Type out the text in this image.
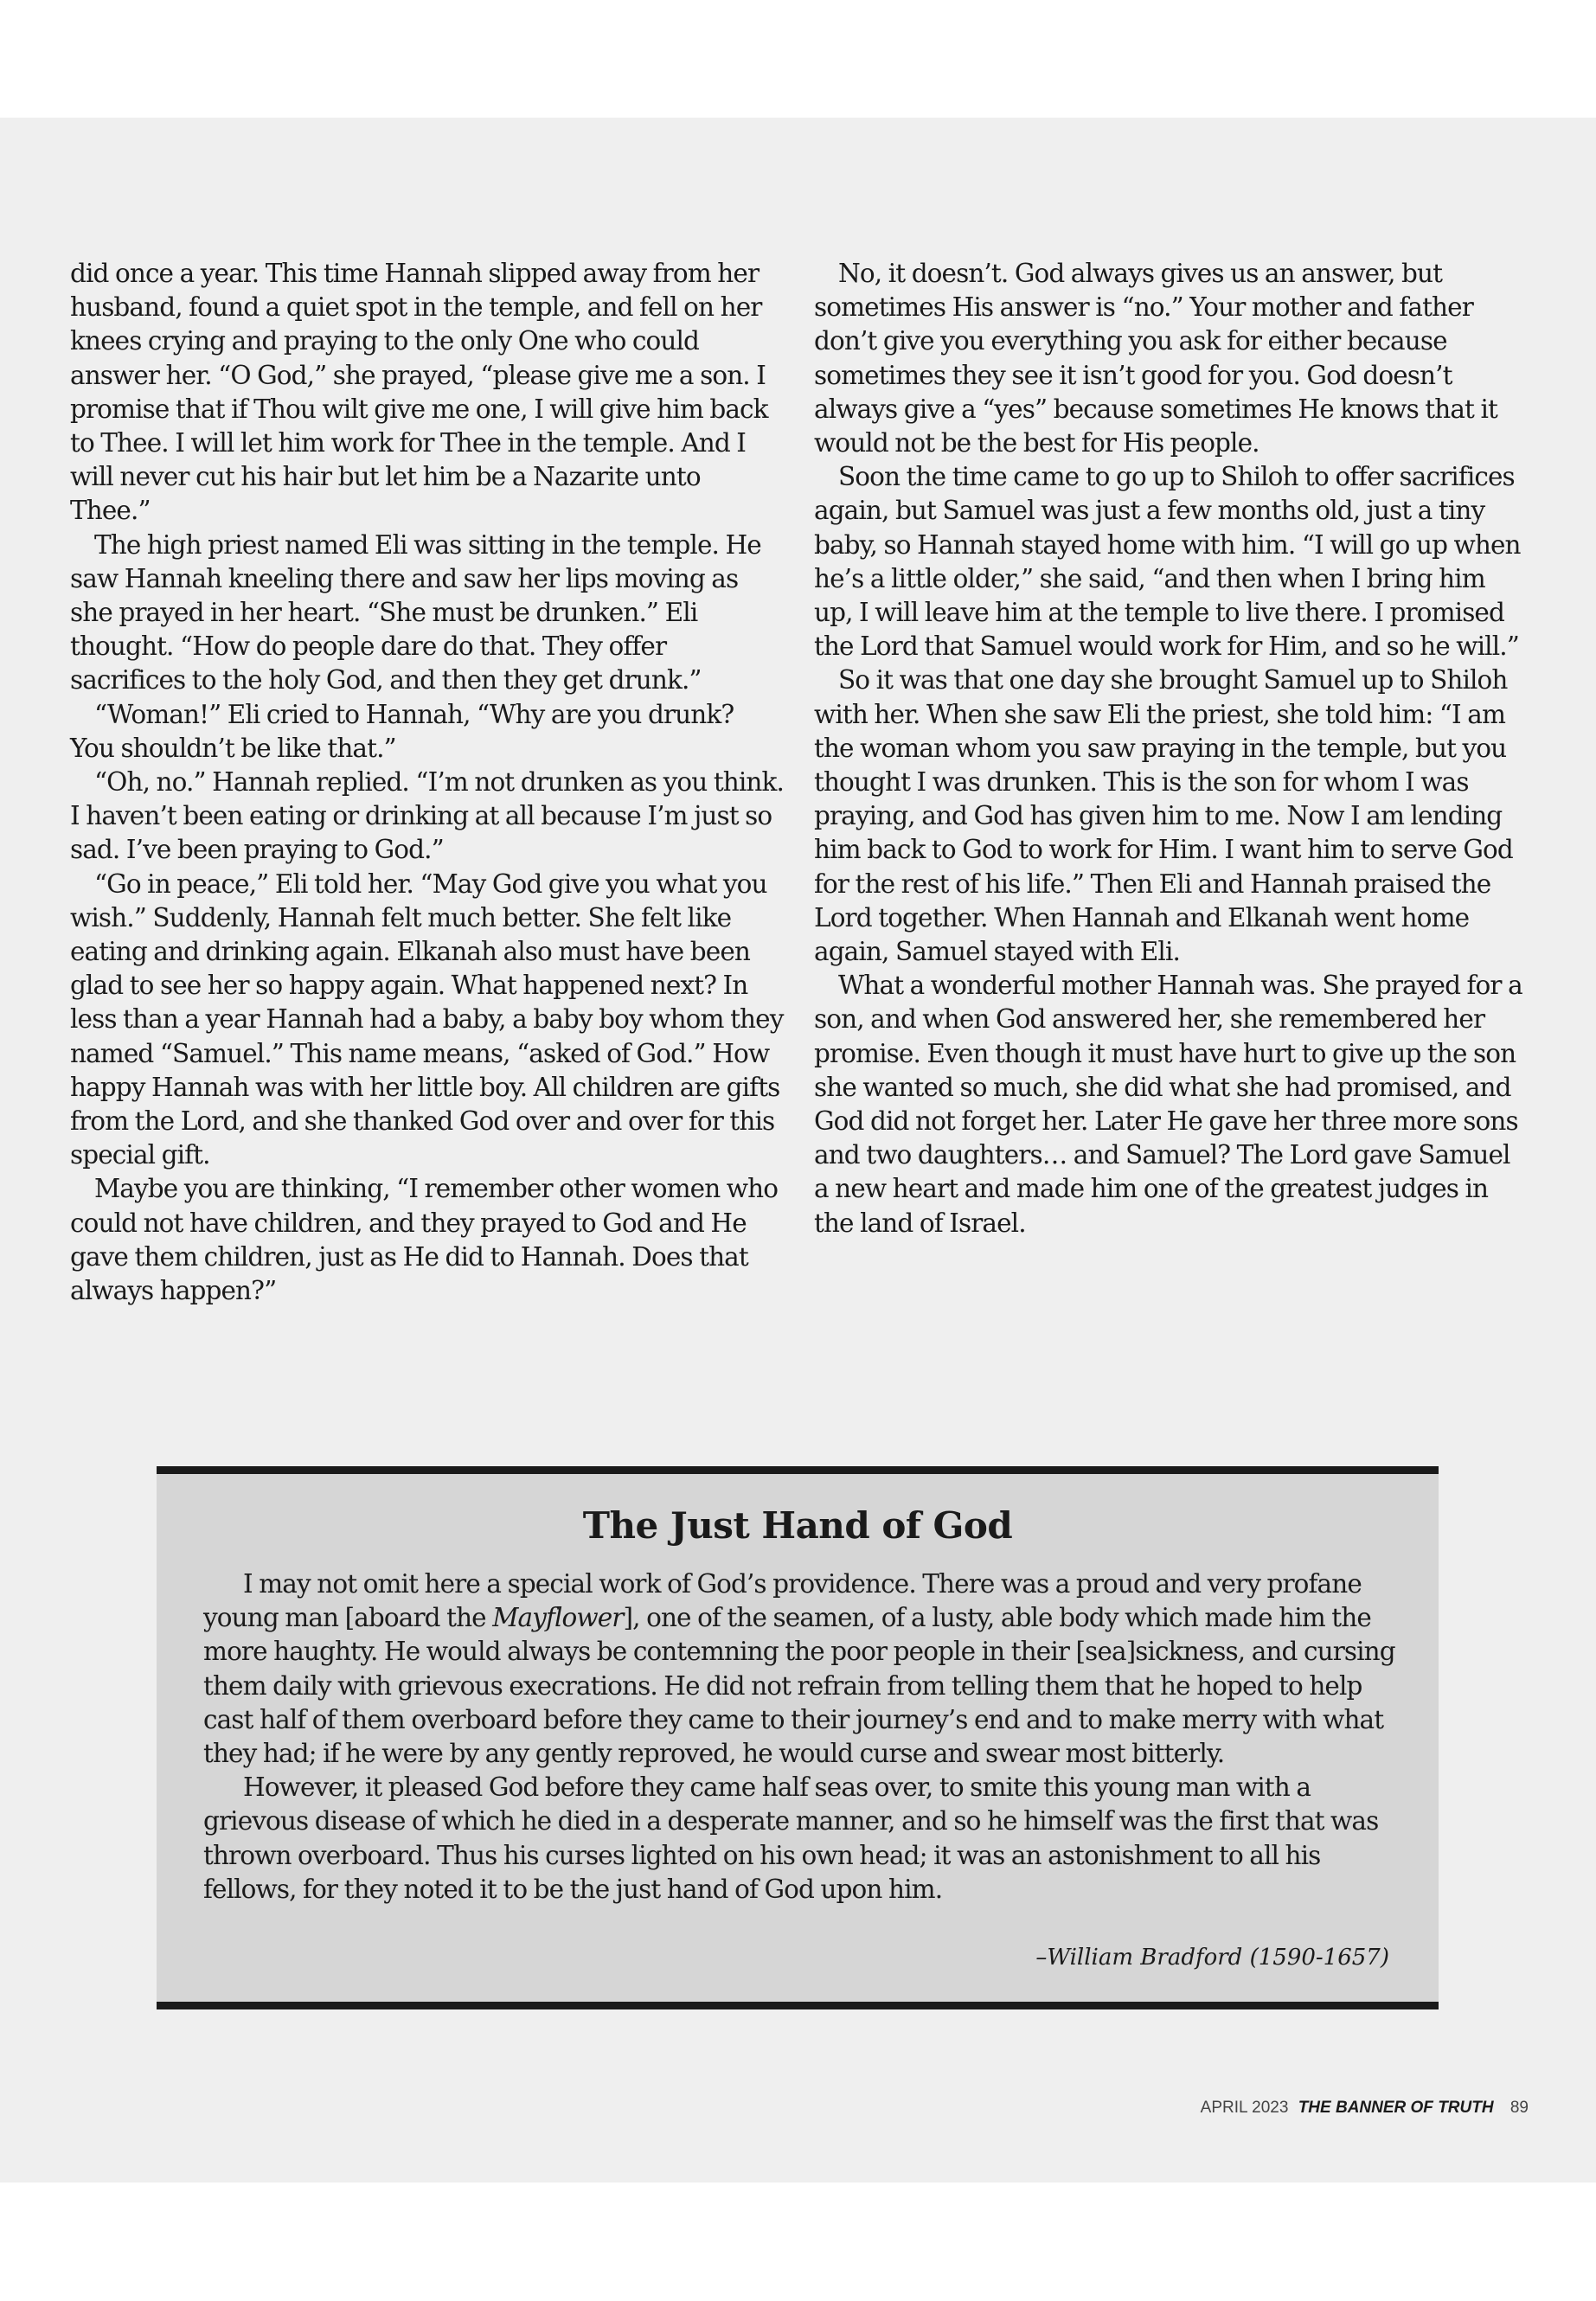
did once a year. This time Hannah slipped away from her husband, found a quiet spot in the temple, and fell on her knees crying and praying to the only One who could answer her. “O God,” she prayed, “please give me a son. I promise that if Thou wilt give me one, I will give him back to Thee. I will let him work for Thee in the temple. And I will never cut his hair but let him be a Nazarite unto Thee.”

The high priest named Eli was sitting in the temple. He saw Hannah kneeling there and saw her lips moving as she prayed in her heart. “She must be drunken.” Eli thought. “How do people dare do that. They offer sacrifices to the holy God, and then they get drunk.”

“Woman!” Eli cried to Hannah, “Why are you drunk? You shouldn’t be like that.”

“Oh, no.” Hannah replied. “I’m not drunken as you think. I haven’t been eating or drinking at all because I’m just so sad. I’ve been praying to God.”

“Go in peace,” Eli told her. “May God give you what you wish.” Suddenly, Hannah felt much better. She felt like eating and drinking again. Elkanah also must have been glad to see her so happy again. What happened next? In less than a year Hannah had a baby, a baby boy whom they named “Samuel.” This name means, “asked of God.” How happy Hannah was with her little boy. All children are gifts from the Lord, and she thanked God over and over for this special gift.

Maybe you are thinking, “I remember other women who could not have children, and they prayed to God and He gave them children, just as He did to Hannah. Does that always happen?”

No, it doesn’t. God always gives us an answer, but sometimes His answer is “no.” Your mother and father don’t give you everything you ask for either because sometimes they see it isn’t good for you. God doesn’t always give a “yes” because sometimes He knows that it would not be the best for His people.

Soon the time came to go up to Shiloh to offer sacrifices again, but Samuel was just a few months old, just a tiny baby, so Hannah stayed home with him. “I will go up when he’s a little older,” she said, “and then when I bring him up, I will leave him at the temple to live there. I promised the Lord that Samuel would work for Him, and so he will.”

So it was that one day she brought Samuel up to Shiloh with her. When she saw Eli the priest, she told him: “I am the woman whom you saw praying in the temple, but you thought I was drunken. This is the son for whom I was praying, and God has given him to me. Now I am lending him back to God to work for Him. I want him to serve God for the rest of his life.” Then Eli and Hannah praised the Lord together. When Hannah and Elkanah went home again, Samuel stayed with Eli.

What a wonderful mother Hannah was. She prayed for a son, and when God answered her, she remembered her promise. Even though it must have hurt to give up the son she wanted so much, she did what she had promised, and God did not forget her. Later He gave her three more sons and two daughters… and Samuel? The Lord gave Samuel a new heart and made him one of the greatest judges in the land of Israel.

The Just Hand of God

I may not omit here a special work of God’s providence. There was a proud and very profane young man [aboard the Mayflower], one of the seamen, of a lusty, able body which made him the more haughty. He would always be contemning the poor people in their [sea]sickness, and cursing them daily with grievous execrations. He did not refrain from telling them that he hoped to help cast half of them overboard before they came to their journey’s end and to make merry with what they had; if he were by any gently reproved, he would curse and swear most bitterly.

However, it pleased God before they came half seas over, to smite this young man with a grievous disease of which he died in a desperate manner, and so he himself was the first that was thrown overboard. Thus his curses lighted on his own head; it was an astonishment to all his fellows, for they noted it to be the just hand of God upon him.

–William Bradford (1590-1657)
APRIL 2023 THE BANNER OF TRUTH 89
